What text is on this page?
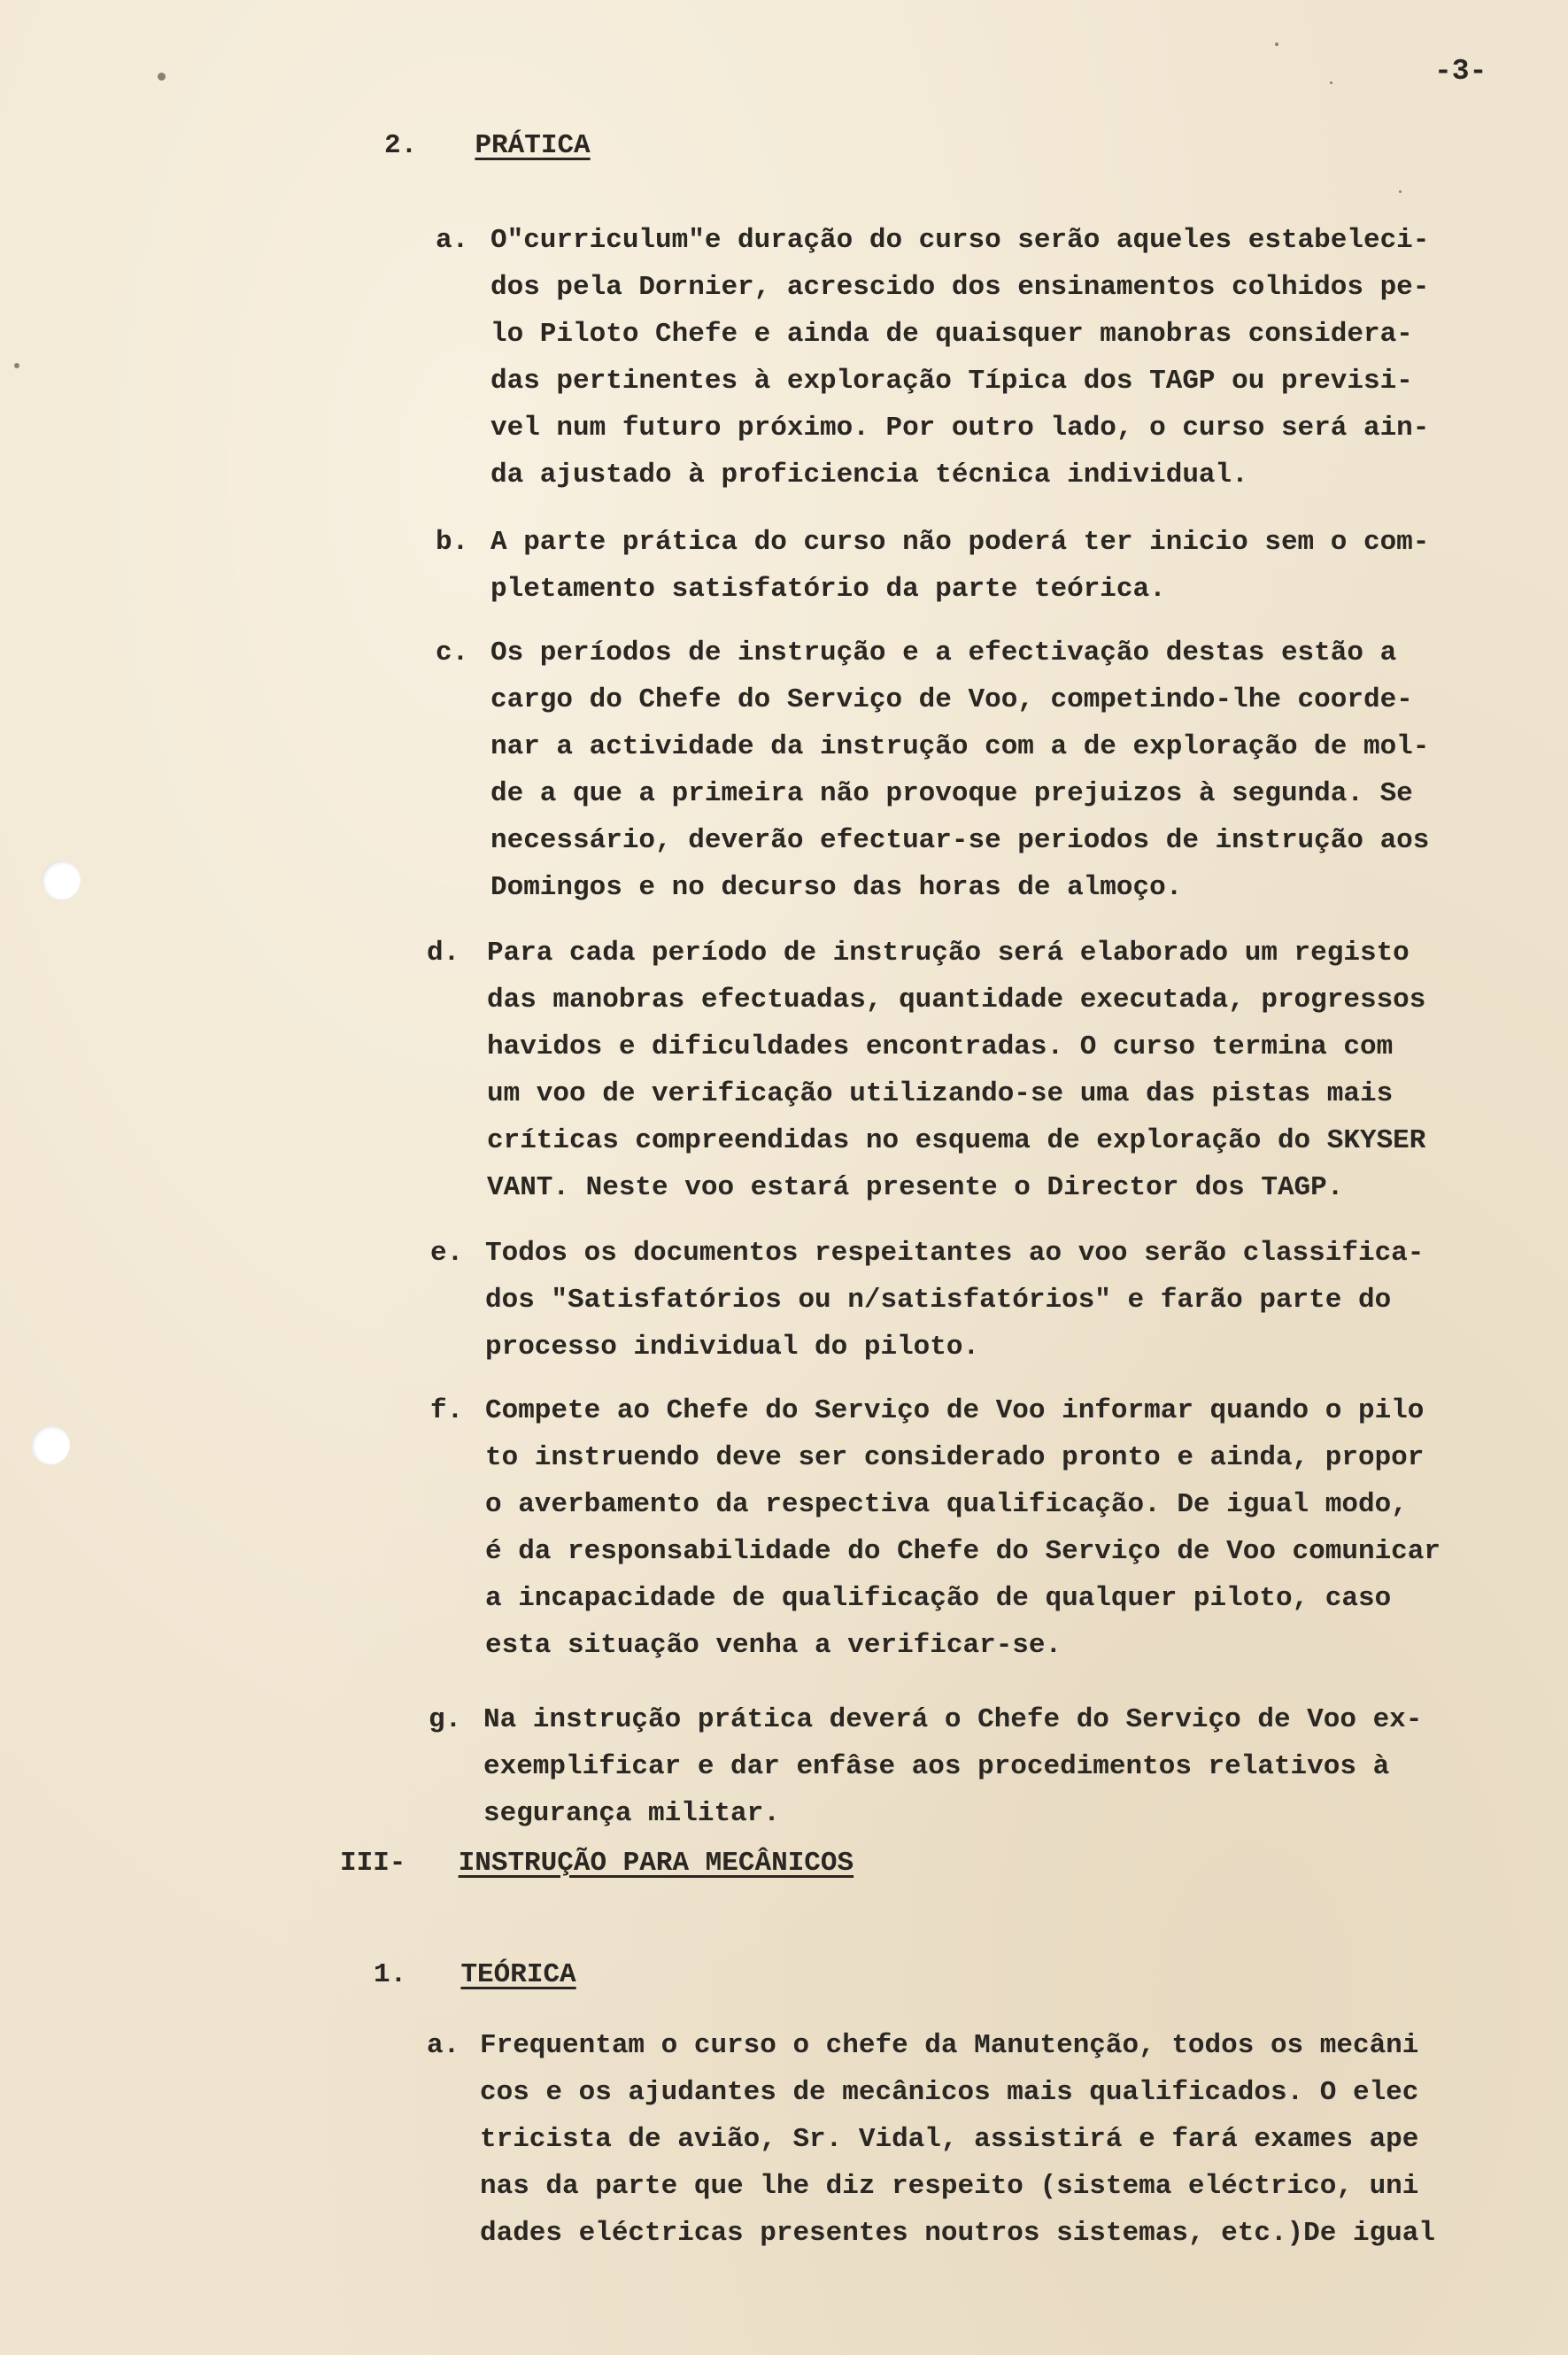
-3-
2. PRÁTICA
a. O"curriculum"e duração do curso serão aqueles estabeleci-
dos pela Dornier, acrescido dos ensinamentos colhidos pe-
lo Piloto Chefe e ainda de quaisquer manobras considera-
das pertinentes à exploração Típica dos TAGP ou previsi-
vel num futuro próximo. Por outro lado, o curso será ain-
da ajustado à proficiencia técnica individual.
b. A parte prática do curso não poderá ter inicio sem o com-
pletamento satisfatório da parte teórica.
c. Os períodos de instrução e a efectivação destas estão a
cargo do Chefe do Serviço de Voo, competindo-lhe coorde-
nar a actividade da instrução com a de exploração de mol-
de a que a primeira não provoque prejuizos à segunda. Se
necessário, deverão efectuar-se periodos de instrução aos
Domingos e no decurso das horas de almoço.
d. Para cada período de instrução será elaborado um registo
das manobras efectuadas, quantidade executada, progressos
havidos e dificuldades encontradas. O curso termina com
um voo de verificação utilizando-se uma das pistas mais
críticas compreendidas no esquema de exploração do SKYSER
VANT. Neste voo estará presente o Director dos TAGP.
e. Todos os documentos respeitantes ao voo serão classifica-
dos "Satisfatórios ou n/satisfatórios" e farão parte do
processo individual do piloto.
f. Compete ao Chefe do Serviço de Voo informar quando o pilo
to instruendo deve ser considerado pronto e ainda, propor
o averbamento da respectiva qualificação. De igual modo,
é da responsabilidade do Chefe do Serviço de Voo comunicar
a incapacidade de qualificação de qualquer piloto, caso
esta situação venha a verificar-se.
g. Na instrução prática deverá o Chefe do Serviço de Voo ex-
exemplificar e dar enfâse aos procedimentos relativos à
segurança militar.
III- INSTRUÇÃO PARA MECÂNICOS
1. TEÓRICA
a. Frequentam o curso o chefe da Manutenção, todos os mecâni
cos e os ajudantes de mecânicos mais qualificados. O elec
tricista de avião, Sr. Vidal, assistirá e fará exames ape
nas da parte que lhe diz respeito (sistema eléctrico, uni
dades eléctricas presentes noutros sistemas, etc.)De igual
